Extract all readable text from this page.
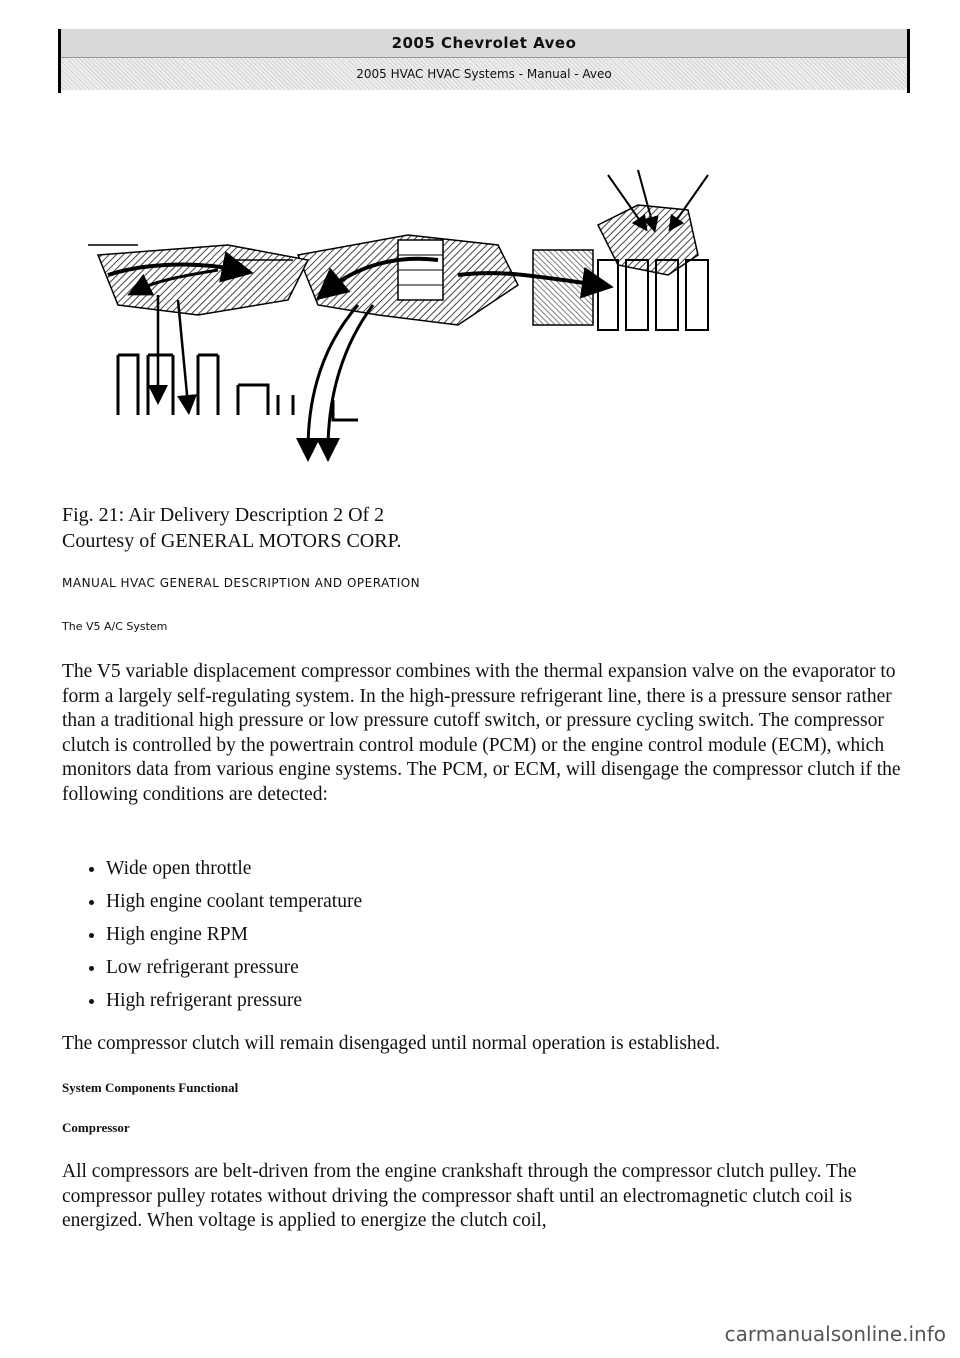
2005 Chevrolet Aveo
2005 HVAC HVAC Systems - Manual - Aveo
Fig. 21: Air Delivery Description 2 Of 2
Courtesy of GENERAL MOTORS CORP.
MANUAL HVAC GENERAL DESCRIPTION AND OPERATION
The V5 A/C System

The V5 variable displacement compressor combines with the thermal expansion valve on the evaporator to form a largely self-regulating system. In the high-pressure refrigerant line, there is a pressure sensor rather than a traditional high pressure or low pressure cutoff switch, or pressure cycling switch. The compressor clutch is controlled by the powertrain control module (PCM) or the engine control module (ECM), which monitors data from various engine systems. The PCM, or ECM, will disengage the compressor clutch if the following conditions are detected:

• Wide open throttle
• High engine coolant temperature
• High engine RPM
• Low refrigerant pressure
• High refrigerant pressure

The compressor clutch will remain disengaged until normal operation is established.

System Components Functional
Compressor

All compressors are belt-driven from the engine crankshaft through the compressor clutch pulley. The compressor pulley rotates without driving the compressor shaft until an electromagnetic clutch coil is energized. When voltage is applied to energize the clutch coil,

carmanualsonline.info
